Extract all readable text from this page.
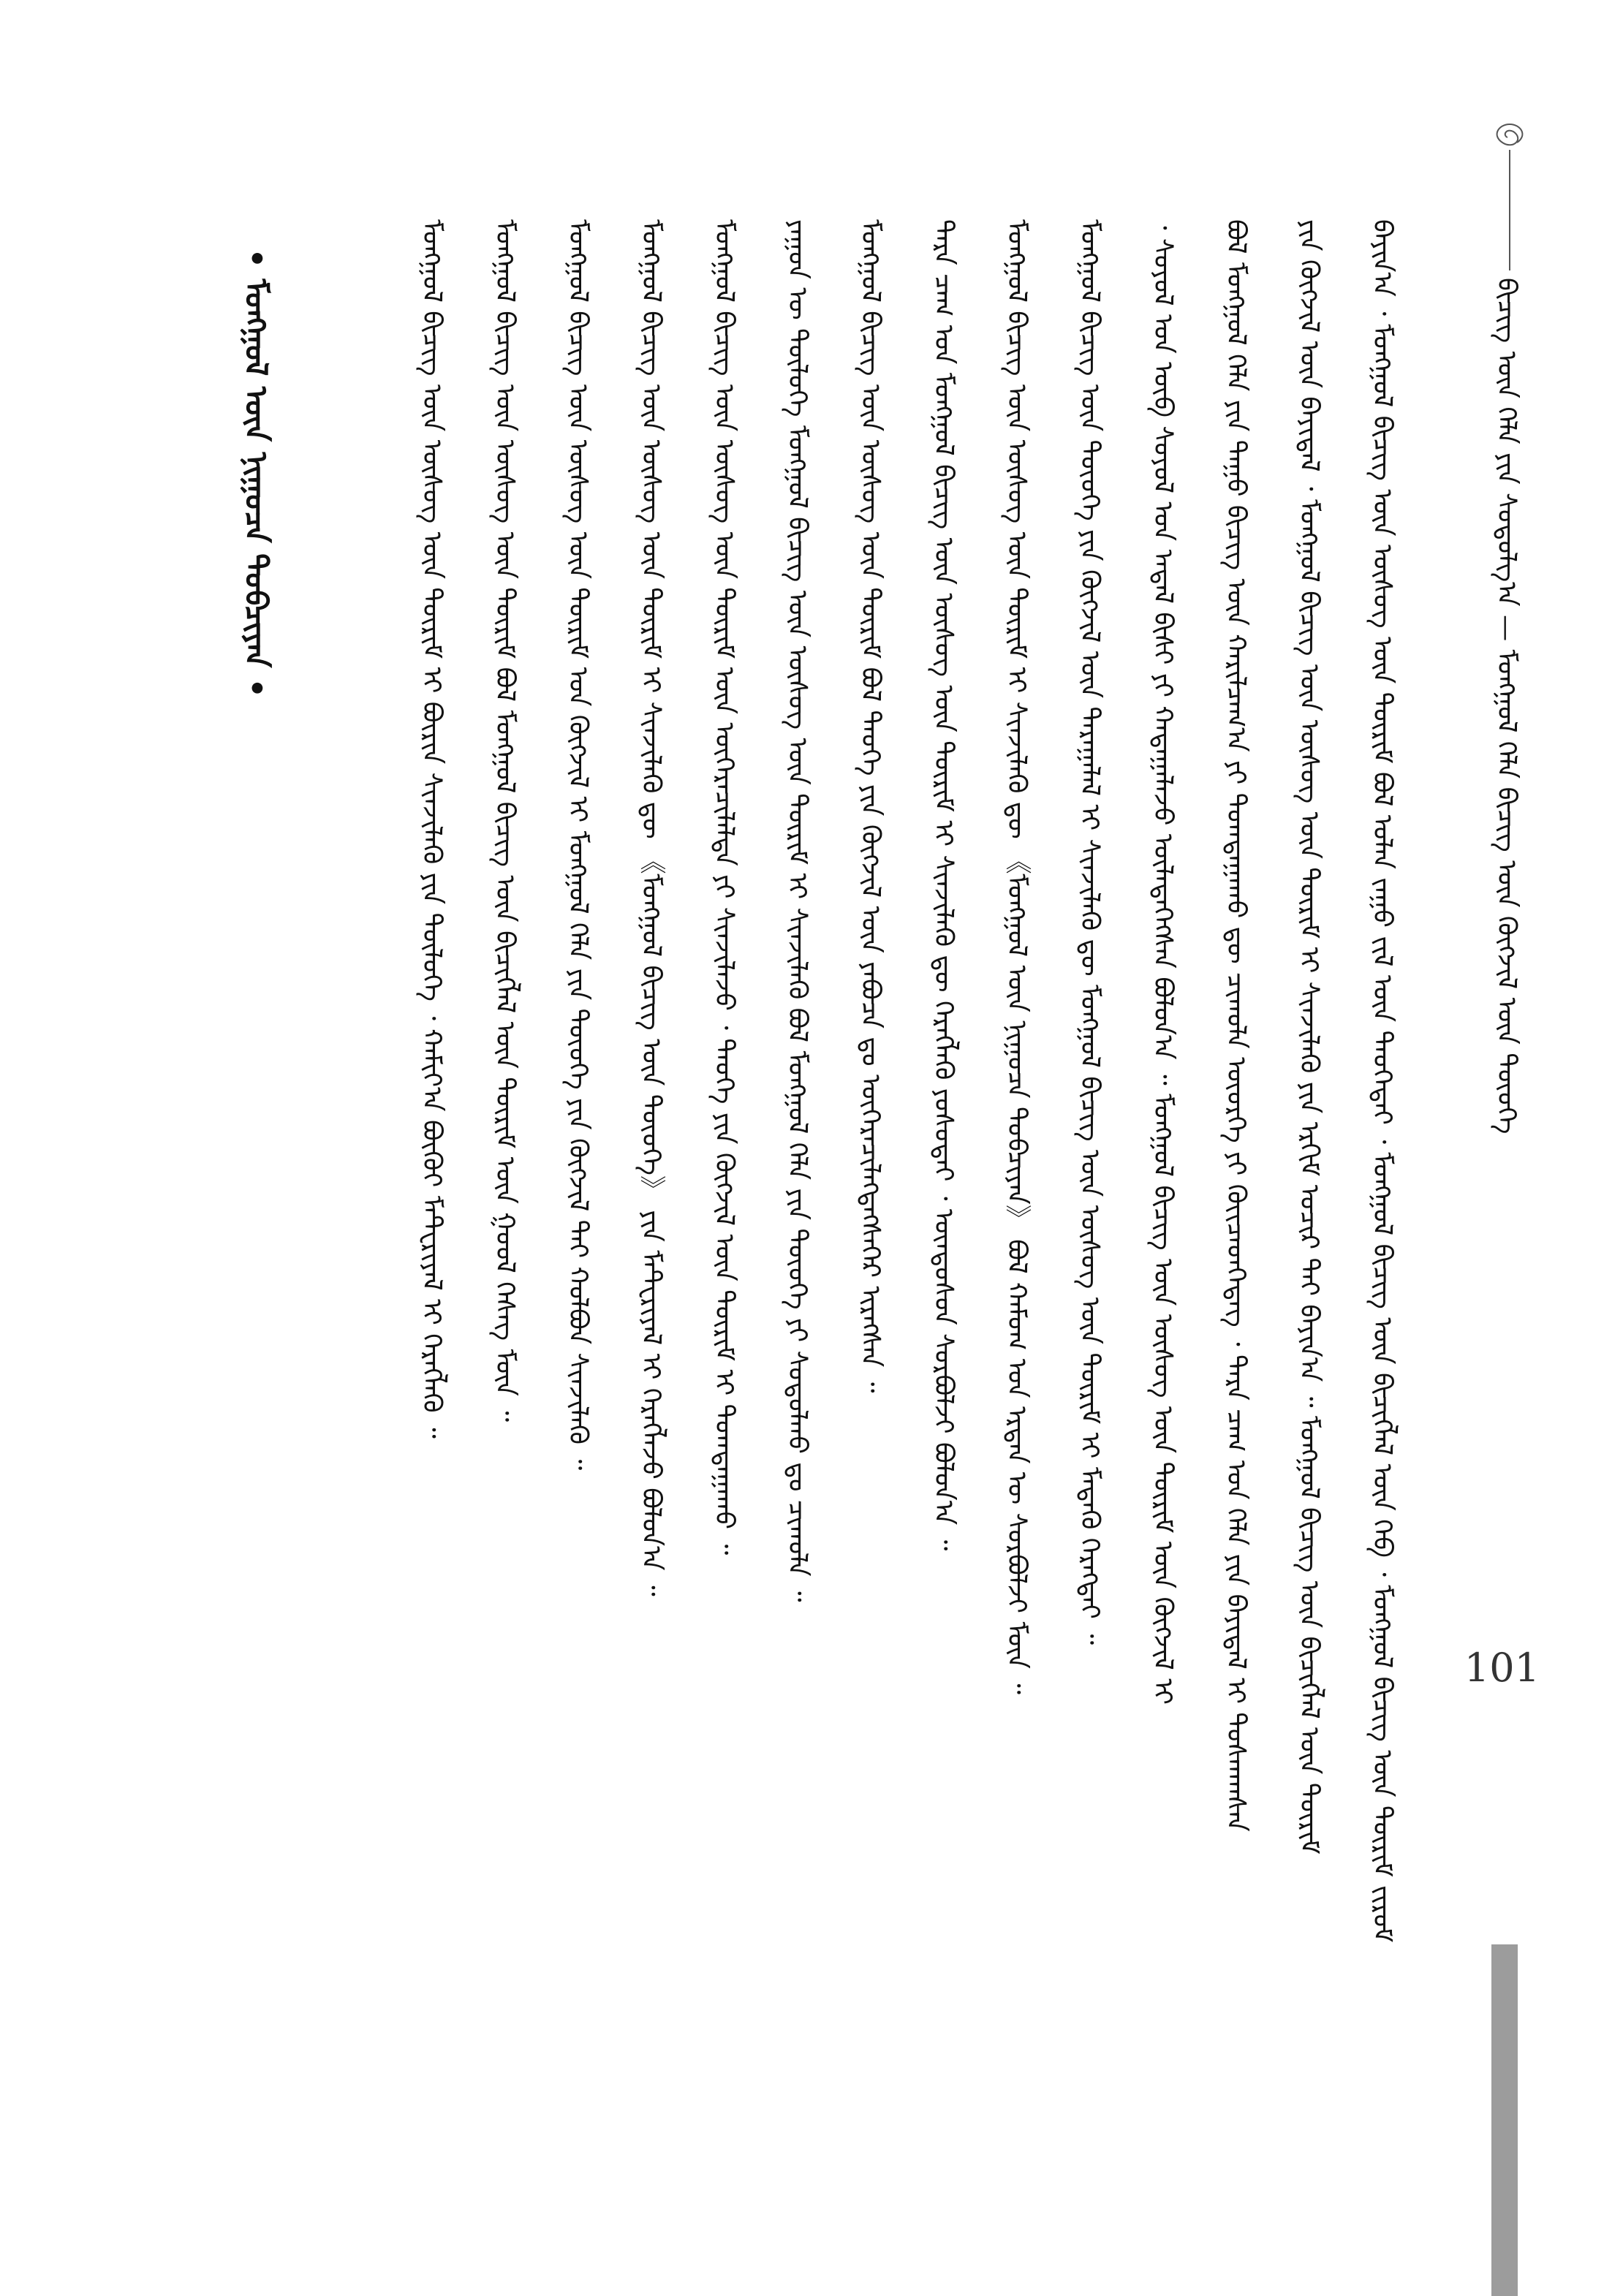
ᠪᠢᠴᠢᠭ᠌ ᠦᠨ ᠬᠡᠯᠡ ᠶᠢᠨ ᠰᠤᠳᠤᠯᠭ᠎ᠠ — ᠮᠣᠩᠭᠣᠯ ᠬᠡᠯᠡ ᠪᠢᠴᠢᠭ᠌ ᠦᠨ ᠬᠥᠭᠵᠢᠯ ᠦᠨ ᠲᠦᠦᠬᠡ
ᠪᠠᠶᠢᠨ᠎ᠠ ᠂ ᠮᠣᠩᠭᠣᠯ ᠪᠢᠴᠢᠭ᠌ ᠦᠨ ᠦᠰᠦᠭ ᠦᠨ ᠳᠦᠷᠢᠮ ᠪᠣᠯ ᠣᠯᠠᠨ ᠵᠠᠭᠤ ᠵᠢᠯ ᠦᠨ ᠲᠡᠦᠬᠡᠲᠡᠢ ᠂ ᠮᠣᠩᠭᠣᠯ ᠪᠢᠴᠢᠭ᠌ ᠦᠨ ᠪᠢᠴᠢᠭᠯᠡᠯ ᠦᠨ ᠬᠡᠪ ᠂ ᠮᠣᠩᠭᠣᠯ ᠪᠢᠴᠢᠭ᠌ ᠦᠨ ᠳᠦᠷᠢᠮ ᠵᠢᠷᠤᠮ
ᠶᠢᠨ ᠬᠥᠭᠵᠢᠯ ᠦᠨ ᠪᠠᠶᠢᠳᠠᠯ ᠂ ᠮᠣᠩᠭᠣᠯ ᠪᠢᠴᠢᠭ᠌ ᠦᠨ ᠦᠰᠦᠭ ᠦᠨ ᠳᠦᠷᠢᠮ ᠢ ᠰᠢᠨᠵᠢᠯᠡᠬᠦ ᠶᠢᠨ ᠡᠷᠬᠢᠮ ᠤᠴᠢᠷ ᠲᠠᠢ ᠪᠠᠶᠢᠨ᠎ᠠ ᠃ ᠮᠣᠩᠭᠣᠯ ᠪᠢᠴᠢᠭ᠌ ᠦᠨ ᠪᠢᠴᠢᠭᠯᠡᠯ ᠦᠨ ᠳᠦᠷᠢᠮ
ᠪᠣᠯ ᠮᠣᠩᠭᠣᠯ ᠬᠡᠯᠡ ᠶᠢᠨ ᠳᠠᠭᠤ ᠪᠢᠴᠢᠭ᠌ ᠦᠨ ᠬᠠᠷᠢᠯᠴᠠᠭ᠎ᠠ ᠶᠢ ᠲᠣᠭᠲᠠᠭᠠᠬᠤ ᠳᠦ ᠴᠢᠬᠤᠯᠠ ᠦᠦᠷᠭᠡ ᠶᠢ ᠭᠦᠢᠴᠡᠳᠭᠡᠳᠡᠭ ᠂ ᠲᠡᠷᠡ ᠴᠠᠭ ᠤᠨ ᠬᠡᠯᠡ ᠶᠢᠨ ᠪᠠᠶᠢᠳᠠᠯ ᠢ ᠲᠤᠰᠬᠠᠭᠰᠠᠨ
᠂ ᠰᠣᠶᠣᠯ ᠤᠨ ᠦᠪ ᠰᠣᠶᠣᠯ ᠤᠨ ᠠᠳᠠᠯ ᠪᠢᠰᠢ ᠶᠢ ᠬᠠᠳᠠᠭᠠᠯᠠᠵᠤ ᠦᠯᠡᠳᠡᠭᠡᠭᠰᠡᠨ ᠪᠣᠯᠤᠨ᠎ᠠ ᠃ ᠮᠣᠩᠭᠣᠯ ᠪᠢᠴᠢᠭ᠌ ᠦᠨ ᠦᠰᠦᠭ ᠦᠨ ᠳᠦᠷᠢᠮ ᠦᠨ ᠬᠥᠭᠵᠢᠯ ᠢ
ᠮᠣᠩᠭᠣᠯ ᠪᠢᠴᠢᠭ᠌ ᠦᠨ ᠲᠦᠦᠬᠡ ᠶᠢᠨ ᠬᠥᠭᠵᠢᠯ ᠦᠨ ᠳᠠᠷᠠᠭᠠᠯᠠᠯ ᠢ ᠰᠢᠨᠵᠢᠯᠡᠬᠦ ᠳᠦ ᠮᠣᠩᠭᠣᠯ ᠪᠢᠴᠢᠭ᠌ ᠦᠨ ᠦᠰᠦᠭ ᠦᠨ ᠳᠦᠷᠢᠮ ᠢ ᠮᠡᠳᠡᠬᠦ ᠬᠡᠷᠡᠭᠲᠡᠢ ᠃
ᠮᠣᠩᠭᠣᠯ ᠪᠢᠴᠢᠭ᠌ ᠦᠨ ᠦᠰᠦᠭ ᠦᠨ ᠳᠦᠷᠢᠮ ᠢ ᠰᠢᠨᠵᠢᠯᠡᠬᠦ ᠳᠦ 《ᠮᠣᠩᠭᠣᠯ ᠦᠨ ᠨᠢᠭᠤᠴᠠ ᠲᠣᠪᠴᠢᠶᠠᠨ》 ᠪᠣᠯ ᠬᠠᠮᠤᠭ ᠤᠨ ᠡᠷᠲᠡᠨ ᠦ ᠰᠤᠷᠪᠤᠯᠵᠢ ᠮᠥᠨ ᠃
ᠲᠡᠷᠡ ᠴᠠᠭ ᠤᠨ ᠮᠣᠩᠭᠣᠯ ᠪᠢᠴᠢᠭ᠌ ᠦᠨ ᠦᠰᠦᠭ ᠦᠨ ᠳᠦᠷᠢᠮ ᠢ ᠰᠢᠨᠵᠢᠯᠡᠬᠦ ᠳᠦ ᠬᠡᠷᠡᠭᠯᠡᠬᠦ ᠶᠣᠰᠣᠲᠠᠢ ᠂ ᠦᠨᠳᠦᠰᠦᠨ ᠰᠤᠷᠪᠤᠯᠵᠢ ᠪᠣᠯᠤᠨ᠎ᠠ ᠃
ᠮᠣᠩᠭᠣᠯ ᠪᠢᠴᠢᠭ᠌ ᠦᠨ ᠦᠰᠦᠭ ᠦᠨ ᠳᠦᠷᠢᠮ ᠪᠣᠯ ᠲᠡᠦᠬᠡ ᠶᠢᠨ ᠬᠥᠭᠵᠢᠯ ᠦᠨ ᠶᠠᠪᠤᠴᠠ ᠳᠤ ᠥᠭᠡᠷᠡᠴᠢᠯᠡᠭᠳᠡᠭᠰᠡᠭᠡᠷ ᠢᠷᠡᠭᠰᠡᠨ ᠃
ᠶᠠᠭᠤᠨ ᠦ ᠲᠥᠯᠦᠭᠡ ᠮᠣᠩᠭᠣᠯ ᠪᠢᠴᠢᠭ᠌ ᠦᠨ ᠦᠰᠦᠭ ᠦᠨ ᠳᠦᠷᠢᠮ ᠢ ᠰᠢᠨᠵᠢᠯᠡᠬᠦ ᠪᠣᠯ ᠮᠣᠩᠭᠣᠯ ᠬᠡᠯᠡ ᠶᠢᠨ ᠲᠦᠦᠬᠡ ᠶᠢ ᠰᠤᠳᠤᠯᠬᠤ ᠳᠤ ᠴᠢᠬᠤᠯᠠ ᠃
ᠮᠣᠩᠭᠣᠯ ᠪᠢᠴᠢᠭ᠌ ᠦᠨ ᠦᠰᠦᠭ ᠦᠨ ᠳᠦᠷᠢᠮ ᠦᠨ ᠥᠭᠡᠷᠡᠴᠢᠯᠡᠯᠲᠡ ᠶᠢ ᠰᠢᠨᠵᠢᠯᠡᠵᠦ ᠂ ᠲᠡᠦᠬᠡ ᠶᠢᠨ ᠬᠥᠭᠵᠢᠯ ᠦᠨ ᠳᠦᠷᠢᠮ ᠢ ᠲᠣᠭᠲᠠᠭᠠᠬᠤ ᠃
ᠮᠣᠩᠭᠣᠯ ᠪᠢᠴᠢᠭ᠌ ᠦᠨ ᠦᠰᠦᠭ ᠦᠨ ᠳᠦᠷᠢᠮ ᠢ ᠰᠢᠨᠵᠢᠯᠡᠬᠦ ᠳᠦ 《ᠮᠣᠩᠭᠣᠯ ᠪᠢᠴᠢᠭ᠌ ᠦᠨ ᠲᠦᠦᠬᠡ》 ᠶᠢᠨ ᠮᠠᠲᠸᠷᠢᠶᠠᠯ ᠢ ᠬᠡᠷᠡᠭᠯᠡᠵᠦ ᠪᠣᠯᠤᠨ᠎ᠠ ᠃
ᠮᠣᠩᠭᠣᠯ ᠪᠢᠴᠢᠭ᠌ ᠦᠨ ᠦᠰᠦᠭ ᠦᠨ ᠳᠦᠷᠢᠮ ᠤᠨ ᠬᠥᠭᠵᠢᠯ ᠢ ᠮᠣᠩᠭᠣᠯ ᠬᠡᠯᠡ ᠶᠢᠨ ᠲᠦᠦᠬᠡ ᠶᠢᠨ ᠬᠥᠭᠵᠢᠯ ᠲᠡᠢ ᠬᠣᠯᠪᠣᠨ ᠰᠢᠨᠵᠢᠯᠡᠬᠦ ᠃
ᠮᠣᠩᠭᠣᠯ ᠪᠢᠴᠢᠭ᠌ ᠦᠨ ᠦᠰᠦᠭ ᠦᠨ ᠳᠦᠷᠢᠮ ᠪᠣᠯ ᠮᠣᠩᠭᠣᠯ ᠪᠢᠴᠢᠭ᠌ ᠦᠨ ᠪᠢᠴᠢᠭᠯᠡᠯ ᠦᠨ ᠳᠦᠷᠢᠮ ᠦᠨ ᠭᠣᠣᠯ ᠬᠡᠰᠡᠭ ᠮᠥᠨ ᠃
ᠮᠣᠩᠭᠣᠯ ᠪᠢᠴᠢᠭ᠌ ᠦᠨ ᠦᠰᠦᠭ ᠦᠨ ᠳᠦᠷᠢᠮ ᠢ ᠪᠦᠷᠢᠨ ᠰᠢᠨᠵᠢᠯᠡᠬᠦ ᠶᠢᠨ ᠲᠥᠯᠦᠭᠡ ᠂ ᠬᠠᠮᠢᠶ᠎ᠠ ᠪᠦᠬᠦᠢ ᠮᠠᠲᠸᠷᠢᠶᠠᠯ ᠢ ᠬᠡᠷᠡᠭᠯᠡᠬᠦ ᠃
• ᠮᠣᠩᠭᠣᠯ ᠦᠨ ᠨᠢᠭᠤᠴᠠ ᠲᠣᠪᠴᠢᠶᠠᠨ •
101
